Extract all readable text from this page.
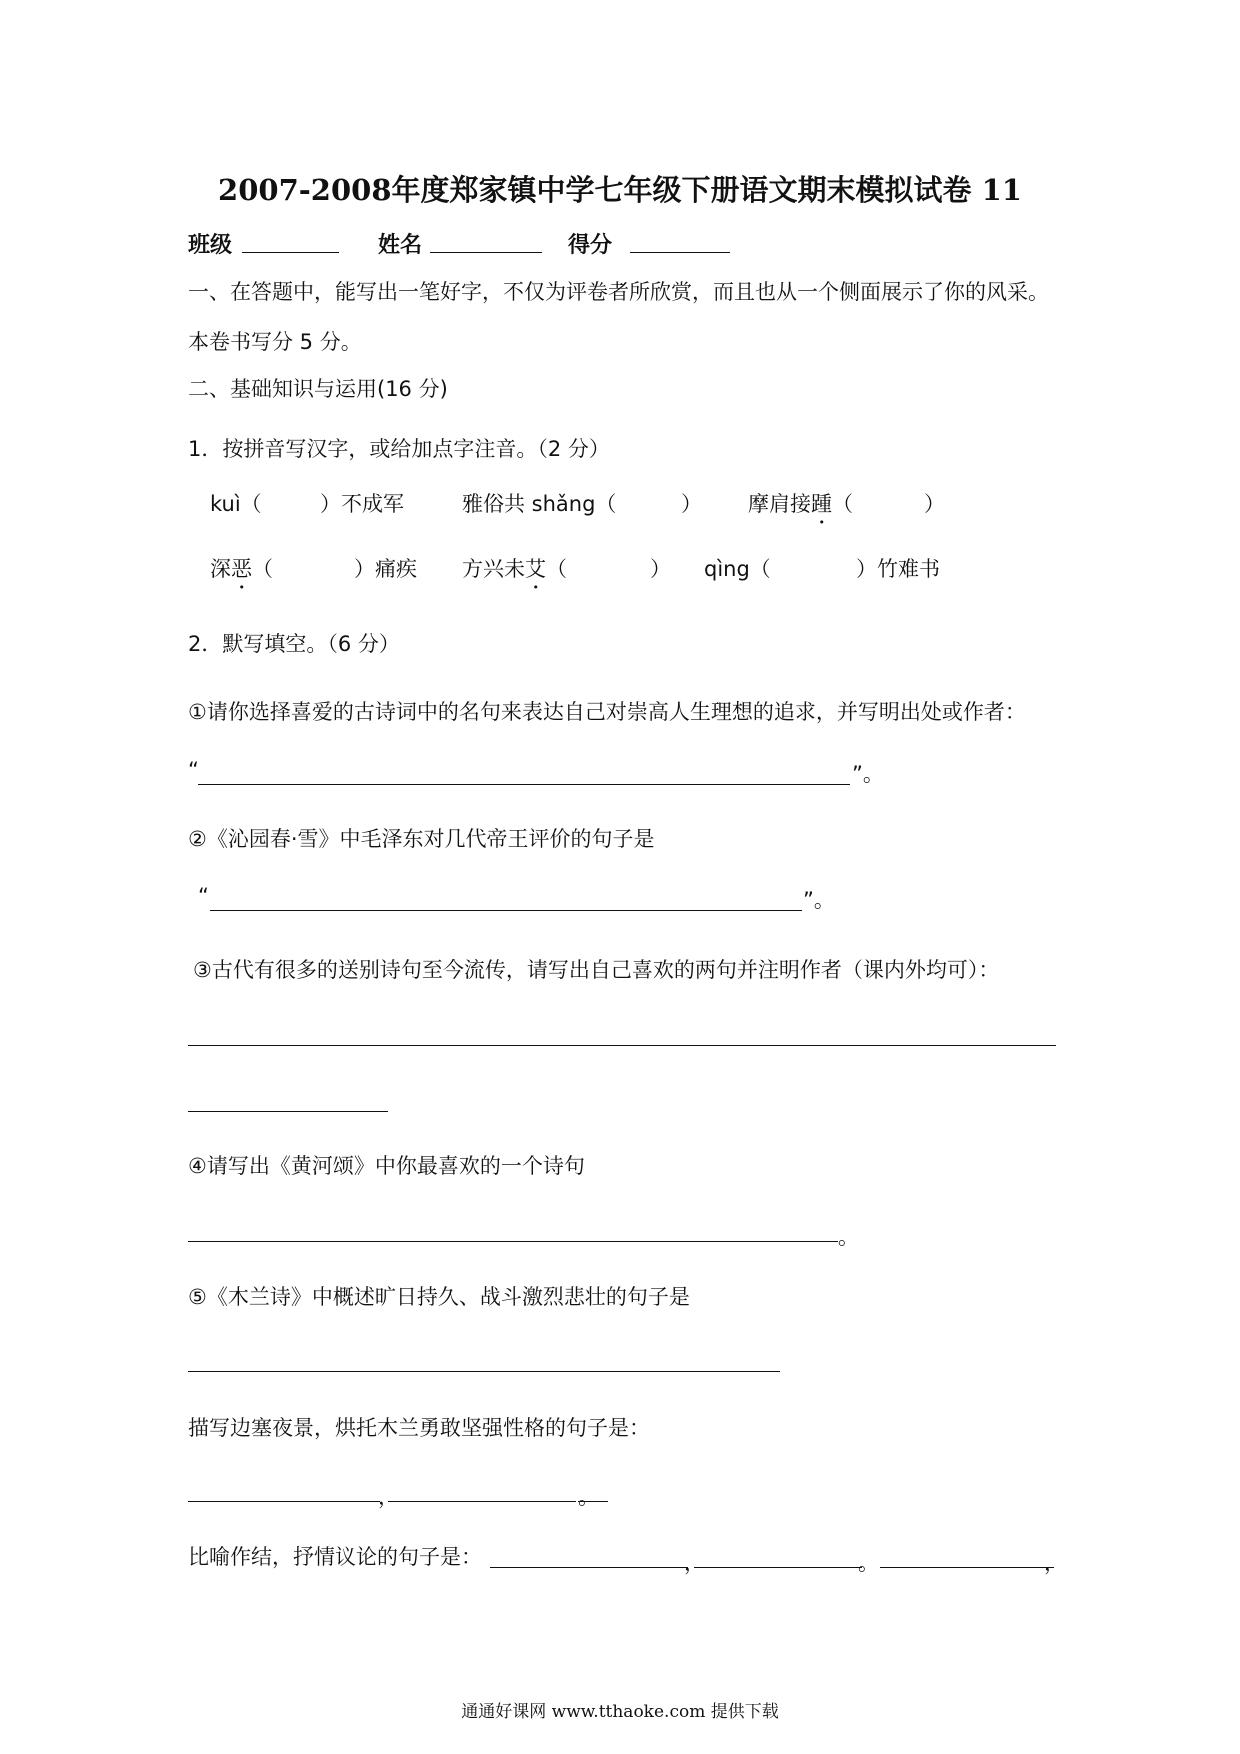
2007-2008年度郑家镇中学七年级下册语文期末模拟试卷 11
班级	姓名	得分
一、在答题中，能写出一笔好字，不仅为评卷者所欣赏，而且也从一个侧面展示了你的风采。
本卷书写分 5 分。
二、基础知识与运用(16 分)
1．按拼音写汉字，或给加点字注音。（2 分）
kuì（	）不成军	雅俗共 shǎng（	） 摩肩接踵（	）
深恶（	）痛疾 方兴未艾（	） qìng（	）竹难书
2．默写填空。（6 分）
①请你选择喜爱的古诗词中的名句来表达自己对崇高人生理想的追求，并写明出处或作者：
“	”。
②《沁园春·雪》中毛泽东对几代帝王评价的句子是
“	”。
③古代有很多的送别诗句至今流传，请写出自己喜欢的两句并注明作者（课内外均可）：
④请写出《黄河颂》中你最喜欢的一个诗句
。
⑤《木兰诗》中概述旷日持久、战斗激烈悲壮的句子是
描写边塞夜景，烘托木兰勇敢坚强性格的句子是：
，	。
比喻作结，抒情议论的句子是：	，	。	，
通通好课网 www.tthaoke.com 提供下载
